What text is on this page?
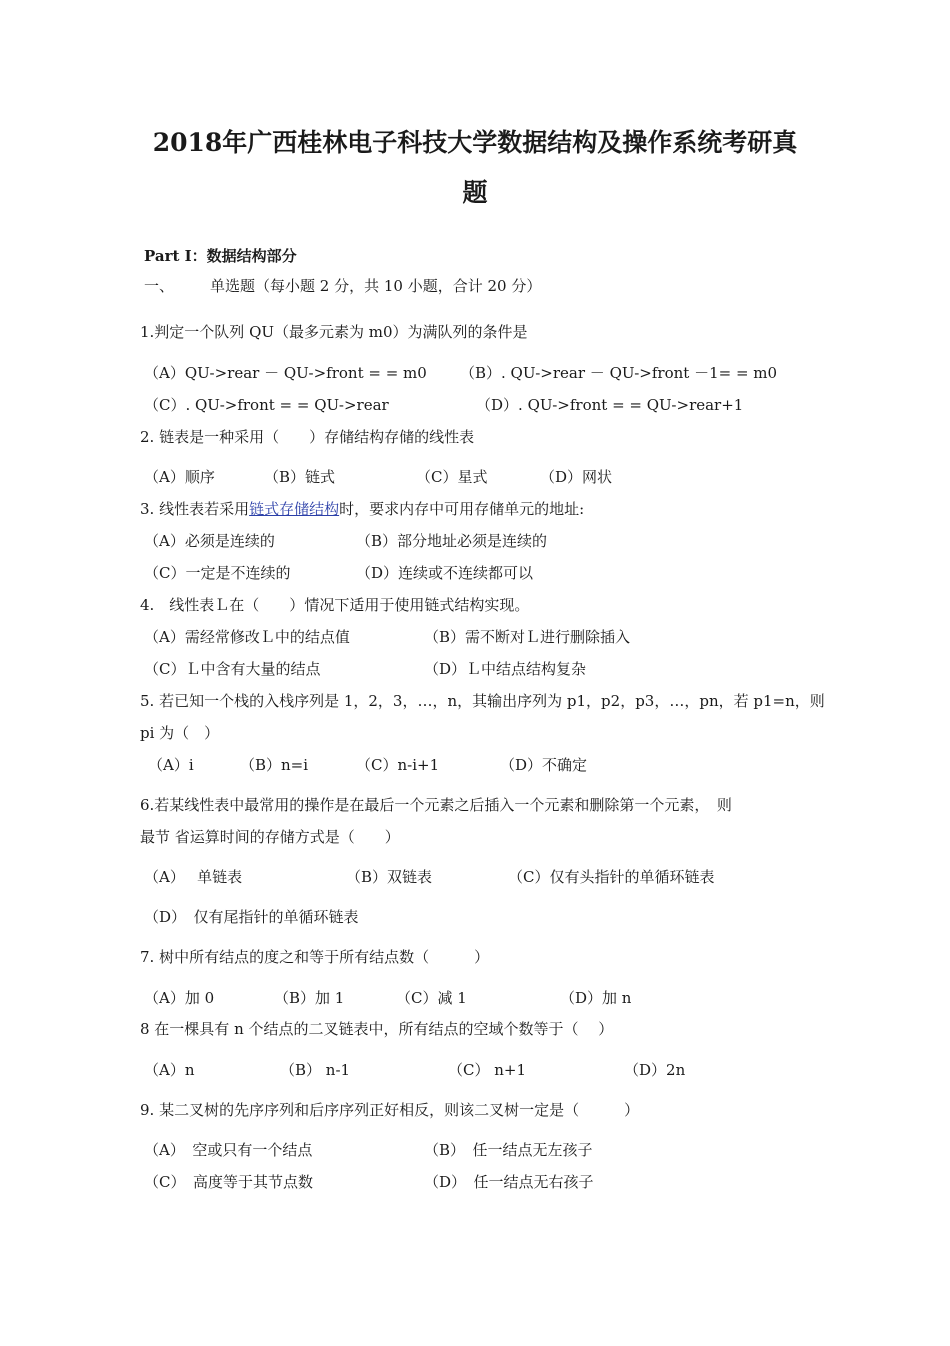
2018年广西桂林电子科技大学数据结构及操作系统考研真
题
Part Ⅰ：数据结构部分
一、 单选题（每小题 2 分，共 10 小题，合计 20 分）
1.判定一个队列 QU（最多元素为 m0）为满队列的条件是
（A）QU->rear － QU->front = = m0 （B）. QU->rear － QU->front －1= = m0
（C）. QU->front = = QU->rear	（D）. QU->front = = QU->rear+1
2. 链表是一种采用（　　）存储结构存储的线性表
（A）顺序	（B）链式	（C）星式	（D）网状
3. 线性表若采用链式存储结构时，要求内存中可用存储单元的地址:
（A）必须是连续的	（B）部分地址必须是连续的
（C）一定是不连续的	（D）连续或不连续都可以
4.　线性表Ｌ在（　　）情况下适用于使用链式结构实现。
（A）需经常修改Ｌ中的结点值	（B）需不断对Ｌ进行删除插入
（C）Ｌ中含有大量的结点	（D）Ｌ中结点结构复杂
5. 若已知一个栈的入栈序列是 1，2，3，…，n，其输出序列为 p1，p2，p3，…，pn，若 p1=n，则
pi 为（　）
（A）i	（B）n=i	（C）n-i+1	（D）不确定
6.若某线性表中最常用的操作是在最后一个元素之后插入一个元素和删除第一个元素，　则
最节 省运算时间的存储方式是（　　）
（A）　 单链表	（B）双链表	（C）仅有头指针的单循环链表
（D）　仅有尾指针的单循环链表
7. 树中所有结点的度之和等于所有结点数（　　　）
（A）加 0	（B）加 1	（C）减 1	（D）加 n
8 在一棵具有 n 个结点的二叉链表中，所有结点的空域个数等于（　 ）
（A）n	（B） n-1	（C） n+1	（D）2n
9. 某二叉树的先序序列和后序序列正好相反，则该二叉树一定是（　　　）
（A）　空或只有一个结点	（B）　任一结点无左孩子
（C）　高度等于其节点数	（D）　任一结点无右孩子
